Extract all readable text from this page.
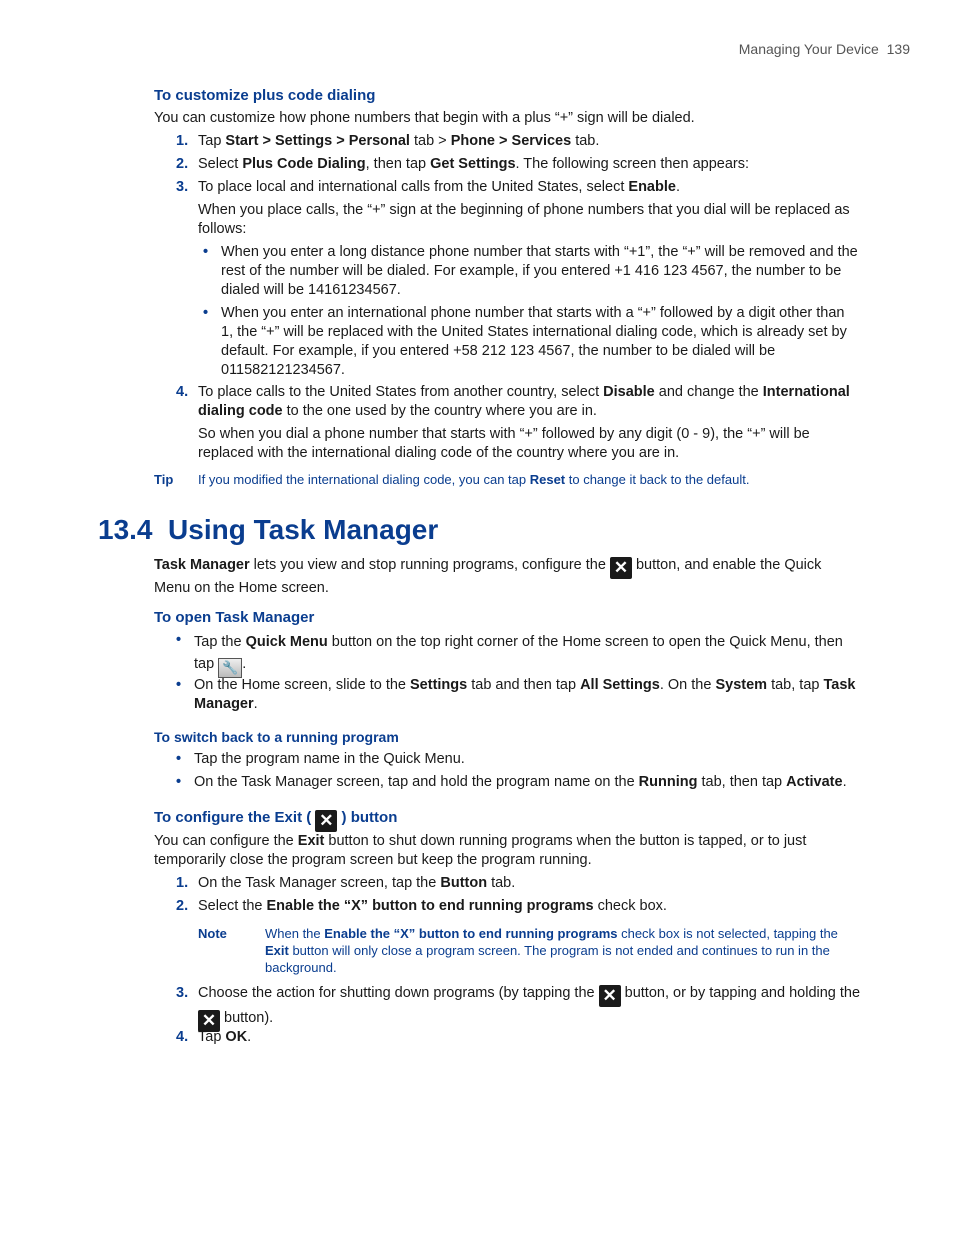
Managing Your Device 139
To customize plus code dialing
You can customize how phone numbers that begin with a plus “+” sign will be dialed.
1. Tap Start > Settings > Personal tab > Phone > Services tab.
2. Select Plus Code Dialing, then tap Get Settings. The following screen then appears:
3. To place local and international calls from the United States, select Enable.
When you place calls, the “+” sign at the beginning of phone numbers that you dial will be replaced as follows:
• When you enter a long distance phone number that starts with “+1”, the “+” will be removed and the rest of the number will be dialed. For example, if you entered +1 416 123 4567, the number to be dialed will be 14161234567.
• When you enter an international phone number that starts with a “+” followed by a digit other than 1, the “+” will be replaced with the United States international dialing code, which is already set by default. For example, if you entered +58 212 123 4567, the number to be dialed will be 011582121234567.
4. To place calls to the United States from another country, select Disable and change the International dialing code to the one used by the country where you are in.
So when you dial a phone number that starts with “+” followed by any digit (0 - 9), the “+” will be replaced with the international dialing code of the country where you are in.
Tip If you modified the international dialing code, you can tap Reset to change it back to the default.
13.4  Using Task Manager
Task Manager lets you view and stop running programs, configure the ✕ button, and enable the Quick Menu on the Home screen.
To open Task Manager
• Tap the Quick Menu button on the top right corner of the Home screen to open the Quick Menu, then tap 🔧 .
• On the Home screen, slide to the Settings tab and then tap All Settings. On the System tab, tap Task Manager.
To switch back to a running program
• Tap the program name in the Quick Menu.
• On the Task Manager screen, tap and hold the program name on the Running tab, then tap Activate.
To configure the Exit ( ✕ ) button
You can configure the Exit button to shut down running programs when the button is tapped, or to just temporarily close the program screen but keep the program running.
1. On the Task Manager screen, tap the Button tab.
2. Select the Enable the “X” button to end running programs check box.
Note	When the Enable the “X” button to end running programs check box is not selected, tapping the Exit button will only close a program screen. The program is not ended and continues to run in the background.
3. Choose the action for shutting down programs (by tapping the ✕ button, or by tapping and holding the ✕ button).
4. Tap OK.
